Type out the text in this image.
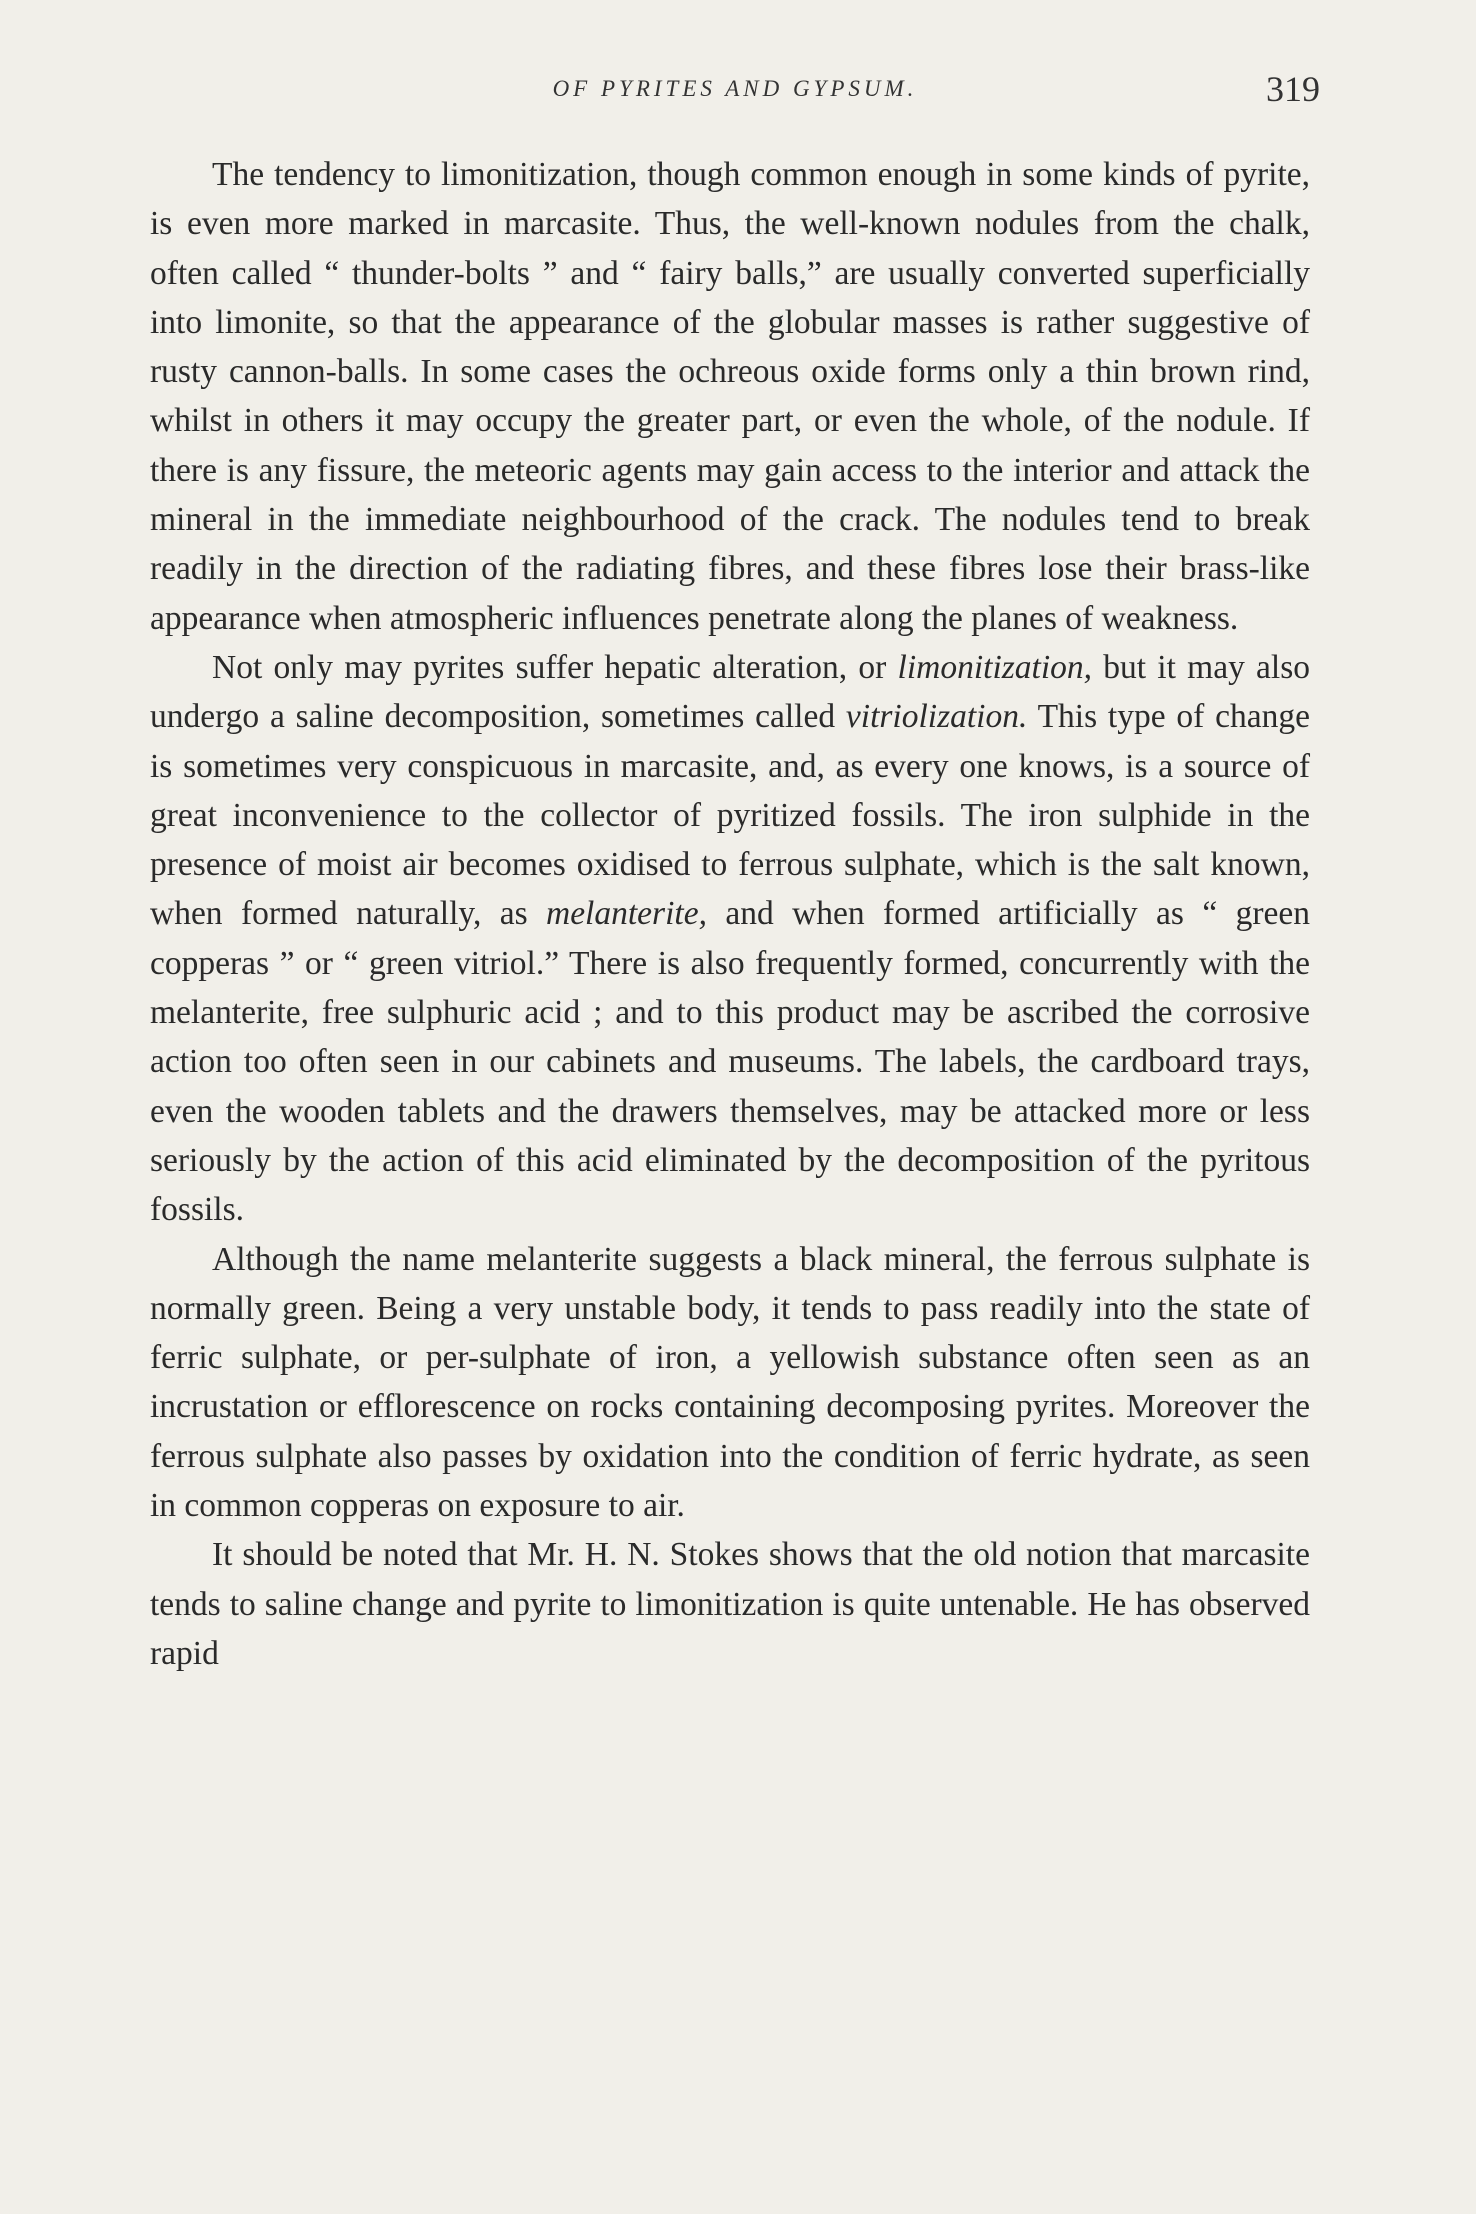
OF PYRITES AND GYPSUM.	319

The tendency to limonitization, though common enough in some kinds of pyrite, is even more marked in marcasite. Thus, the well-known nodules from the chalk, often called “ thunder-bolts ” and “ fairy balls,” are usually converted superficially into limonite, so that the appearance of the globular masses is rather suggestive of rusty cannon-balls. In some cases the ochreous oxide forms only a thin brown rind, whilst in others it may occupy the greater part, or even the whole, of the nodule. If there is any fissure, the meteoric agents may gain access to the interior and attack the mineral in the immediate neighbourhood of the crack. The nodules tend to break readily in the direction of the radiating fibres, and these fibres lose their brass-like appearance when atmospheric influences penetrate along the planes of weakness.

Not only may pyrites suffer hepatic alteration, or limonitization, but it may also undergo a saline decomposition, sometimes called vitriolization. This type of change is sometimes very conspicuous in marcasite, and, as every one knows, is a source of great inconvenience to the collector of pyritized fossils. The iron sulphide in the presence of moist air becomes oxidised to ferrous sulphate, which is the salt known, when formed naturally, as melanterite, and when formed artificially as “ green copperas ” or “ green vitriol.” There is also frequently formed, concurrently with the melanterite, free sulphuric acid ; and to this product may be ascribed the corrosive action too often seen in our cabinets and museums. The labels, the cardboard trays, even the wooden tablets and the drawers themselves, may be attacked more or less seriously by the action of this acid eliminated by the decomposition of the pyritous fossils.

Although the name melanterite suggests a black mineral, the ferrous sulphate is normally green. Being a very unstable body, it tends to pass readily into the state of ferric sulphate, or per-sulphate of iron, a yellowish substance often seen as an incrustation or efflorescence on rocks containing decomposing pyrites. Moreover the ferrous sulphate also passes by oxidation into the condition of ferric hydrate, as seen in common copperas on exposure to air.

It should be noted that Mr. H. N. Stokes shows that the old notion that marcasite tends to saline change and pyrite to limonitization is quite untenable. He has observed rapid
